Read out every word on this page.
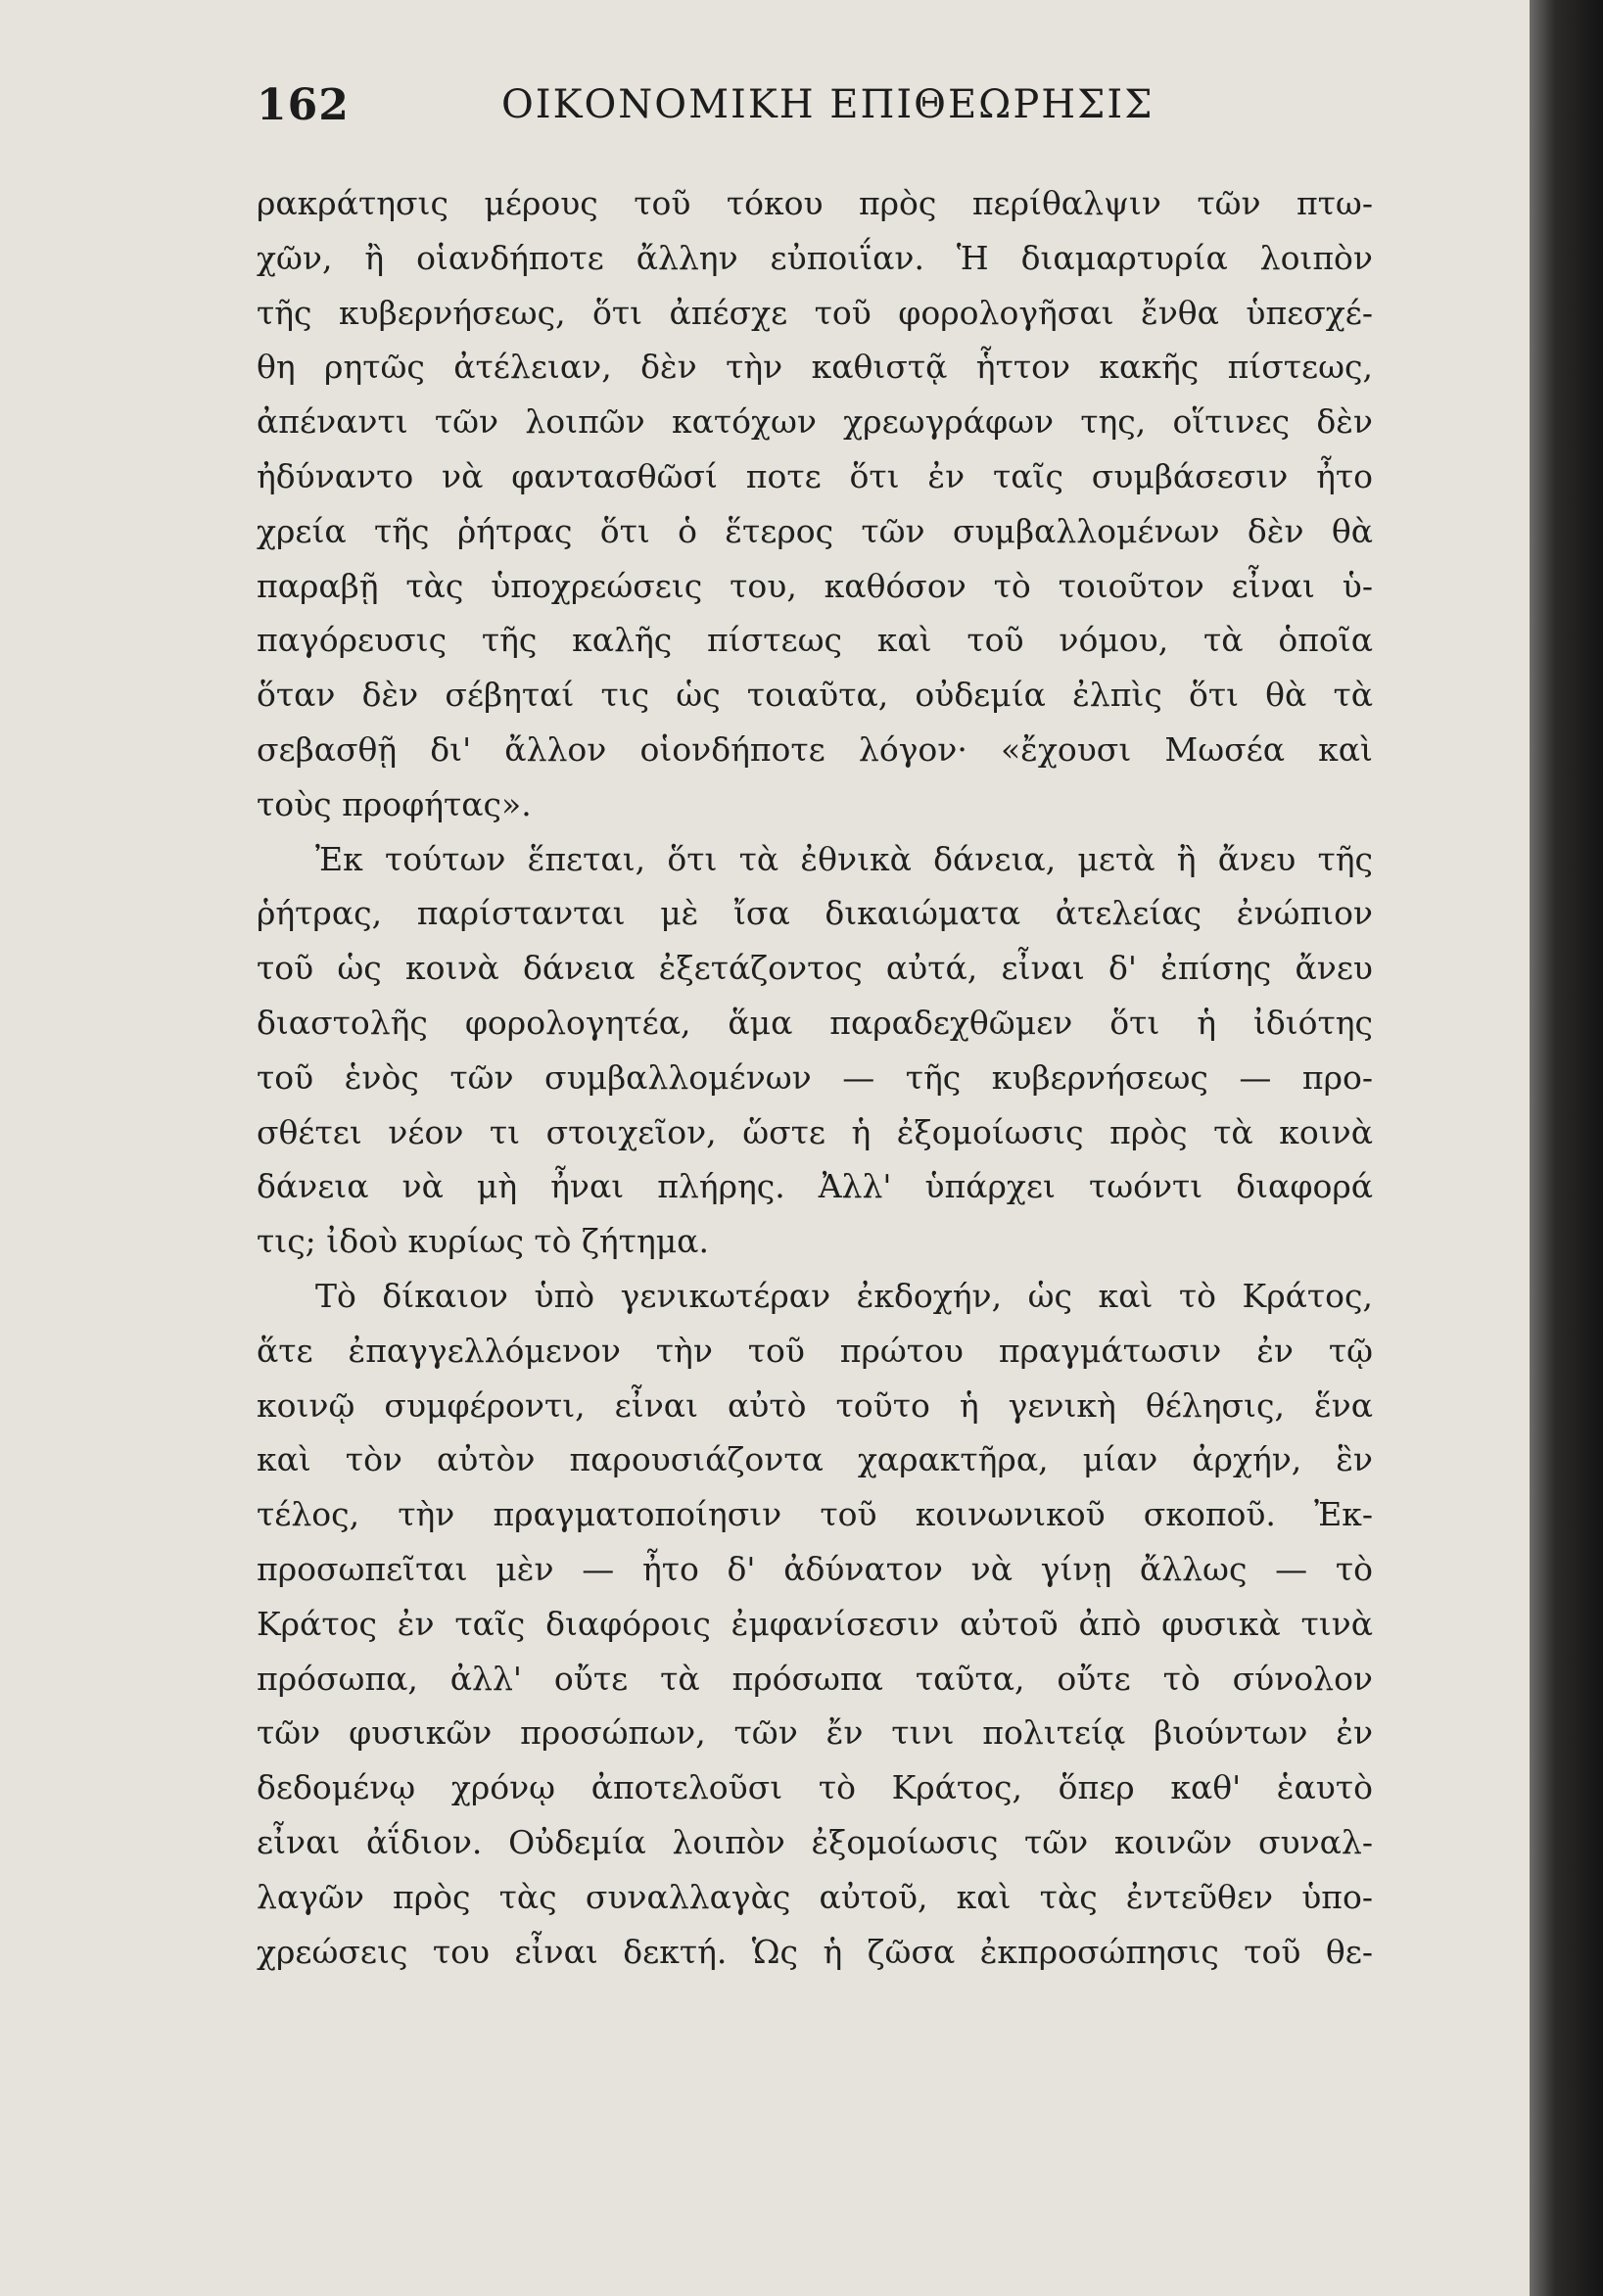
162	ΟΙΚΟΝΟΜΙΚΗ ΕΠΙΘΕΩΡΗΣΙΣ
ρακράτησις μέρους τοῦ τόκου πρὸς περίθαλψιν τῶν πτω-
χῶν, ἢ οἱανδήποτε ἄλλην εὐποιΐαν. Ἡ διαμαρτυρία λοιπὸν
τῆς κυβερνήσεως, ὅτι ἀπέσχε τοῦ φορολογῆσαι ἔνθα ὑπεσχέ-
θη ρητῶς ἀτέλειαν, δὲν τὴν καθιστᾷ ἧττον κακῆς πίστεως,
ἀπέναντι τῶν λοιπῶν κατόχων χρεωγράφων της, οἵτινες δὲν
ἠδύναντο νὰ φαντασθῶσί ποτε ὅτι ἐν ταῖς συμβάσεσιν ἦτο
χρεία τῆς ῥήτρας ὅτι ὁ ἕτερος τῶν συμβαλλομένων δὲν θὰ
παραβῇ τὰς ὑποχρεώσεις του, καθόσον τὸ τοιοῦτον εἶναι ὑ-
παγόρευσις τῆς καλῆς πίστεως καὶ τοῦ νόμου, τὰ ὁποῖα
ὅταν δὲν σέβηταί τις ὡς τοιαῦτα, οὐδεμία ἐλπὶς ὅτι θὰ τὰ
σεβασθῇ δι' ἄλλον οἱονδήποτε λόγον· «ἔχουσι Μωσέα καὶ
τοὺς προφήτας».
Ἐκ τούτων ἕπεται, ὅτι τὰ ἐθνικὰ δάνεια, μετὰ ἢ ἄνευ τῆς
ῥήτρας, παρίστανται μὲ ἴσα δικαιώματα ἀτελείας ἐνώπιον
τοῦ ὡς κοινὰ δάνεια ἐξετάζοντος αὐτά, εἶναι δ' ἐπίσης ἄνευ
διαστολῆς φορολογητέα, ἅμα παραδεχθῶμεν ὅτι ἡ ἰδιότης
τοῦ ἑνὸς τῶν συμβαλλομένων — τῆς κυβερνήσεως — προ-
σθέτει νέον τι στοιχεῖον, ὥστε ἡ ἐξομοίωσις πρὸς τὰ κοινὰ
δάνεια νὰ μὴ ἦναι πλήρης. Ἀλλ' ὑπάρχει τωόντι διαφορά
τις; ἰδοὺ κυρίως τὸ ζήτημα.
Τὸ δίκαιον ὑπὸ γενικωτέραν ἐκδοχήν, ὡς καὶ τὸ Κράτος,
ἅτε ἐπαγγελλόμενον τὴν τοῦ πρώτου πραγμάτωσιν ἐν τῷ
κοινῷ συμφέροντι, εἶναι αὐτὸ τοῦτο ἡ γενικὴ θέλησις, ἕνα
καὶ τὸν αὐτὸν παρουσιάζοντα χαρακτῆρα, μίαν ἀρχήν, ἓν
τέλος, τὴν πραγματοποίησιν τοῦ κοινωνικοῦ σκοποῦ. Ἐκ-
προσωπεῖται μὲν — ἦτο δ' ἀδύνατον νὰ γίνῃ ἄλλως — τὸ
Κράτος ἐν ταῖς διαφόροις ἐμφανίσεσιν αὐτοῦ ἀπὸ φυσικὰ τινὰ
πρόσωπα, ἀλλ' οὔτε τὰ πρόσωπα ταῦτα, οὔτε τὸ σύνολον
τῶν φυσικῶν προσώπων, τῶν ἔν τινι πολιτείᾳ βιούντων ἐν
δεδομένῳ χρόνῳ ἀποτελοῦσι τὸ Κράτος, ὅπερ καθ' ἑαυτὸ
εἶναι ἀΐδιον. Οὐδεμία λοιπὸν ἐξομοίωσις τῶν κοινῶν συναλ-
λαγῶν πρὸς τὰς συναλλαγὰς αὐτοῦ, καὶ τὰς ἐντεῦθεν ὑπο-
χρεώσεις του εἶναι δεκτή. Ὡς ἡ ζῶσα ἐκπροσώπησις τοῦ θε-
